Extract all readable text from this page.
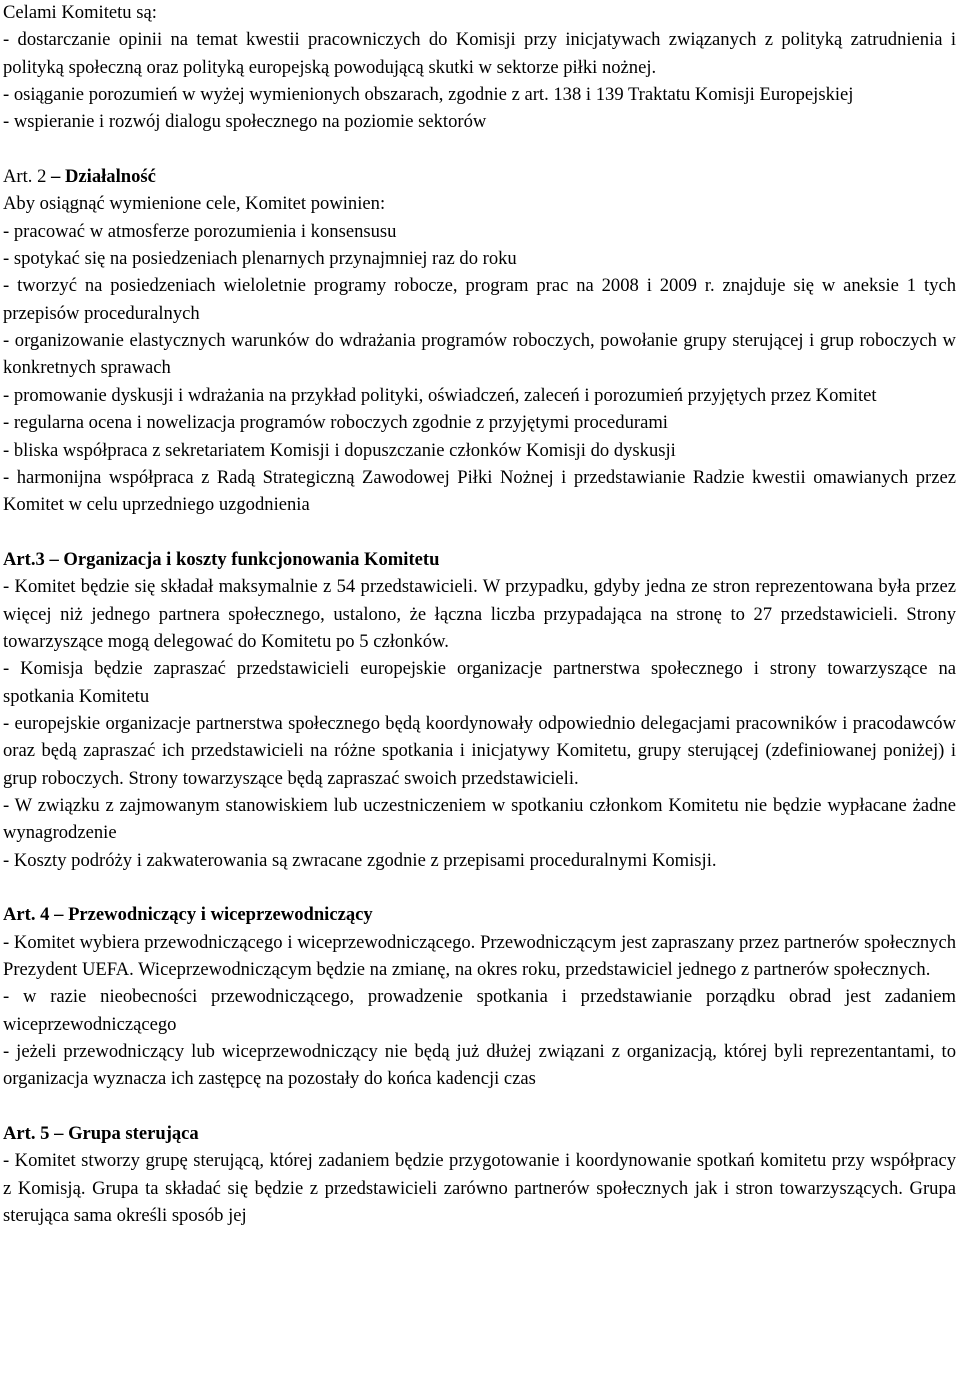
Celami Komitetu są:

- dostarczanie opinii na temat kwestii pracowniczych do Komisji przy inicjatywach związanych z polityką zatrudnienia i polityką społeczną oraz polityką europejską powodującą skutki w sektorze piłki nożnej.

- osiąganie porozumień w wyżej wymienionych obszarach, zgodnie z art. 138 i 139 Traktatu Komisji Europejskiej

- wspieranie i rozwój dialogu społecznego na poziomie sektorów

Art. 2 – Działalność

Aby osiągnąć wymienione cele, Komitet powinien:

- pracować w atmosferze porozumienia i konsensusu

- spotykać się na posiedzeniach plenarnych przynajmniej raz do roku

- tworzyć na posiedzeniach wieloletnie programy robocze, program prac na 2008 i 2009 r. znajduje się w aneksie 1 tych przepisów proceduralnych

- organizowanie elastycznych warunków do wdrażania programów roboczych, powołanie grupy sterującej i grup roboczych w konkretnych sprawach

- promowanie dyskusji i wdrażania na przykład polityki, oświadczeń, zaleceń i porozumień przyjętych przez Komitet

- regularna ocena i nowelizacja programów roboczych zgodnie z przyjętymi procedurami

- bliska współpraca z sekretariatem Komisji i dopuszczanie członków Komisji do dyskusji

- harmonijna współpraca z Radą Strategiczną Zawodowej Piłki Nożnej i przedstawianie Radzie kwestii omawianych przez Komitet w celu uprzedniego uzgodnienia

Art.3 – Organizacja i koszty funkcjonowania Komitetu

- Komitet będzie się składał maksymalnie z 54 przedstawicieli. W przypadku, gdyby jedna ze stron reprezentowana była przez więcej niż jednego partnera społecznego, ustalono, że łączna liczba przypadająca na stronę to 27 przedstawicieli. Strony towarzyszące mogą delegować do Komitetu po 5 członków.

- Komisja będzie zapraszać przedstawicieli europejskie organizacje partnerstwa społecznego i strony towarzyszące na spotkania Komitetu

- europejskie organizacje partnerstwa społecznego będą koordynowały odpowiednio delegacjami pracowników i pracodawców oraz będą zapraszać ich przedstawicieli na różne spotkania i inicjatywy Komitetu, grupy sterującej (zdefiniowanej poniżej) i grup roboczych. Strony towarzyszące będą zapraszać swoich przedstawicieli.

- W związku z zajmowanym stanowiskiem lub uczestniczeniem w spotkaniu członkom Komitetu nie będzie wypłacane żadne wynagrodzenie

- Koszty podróży i zakwaterowania są zwracane zgodnie z przepisami proceduralnymi Komisji.

Art. 4 – Przewodniczący i wiceprzewodniczący

- Komitet wybiera przewodniczącego i wiceprzewodniczącego. Przewodniczącym jest zapraszany przez partnerów społecznych Prezydent UEFA. Wiceprzewodniczącym będzie na zmianę, na okres roku, przedstawiciel jednego z partnerów społecznych.

- w razie nieobecności przewodniczącego, prowadzenie spotkania i przedstawianie porządku obrad jest zadaniem wiceprzewodniczącego

- jeżeli przewodniczący lub wiceprzewodniczący nie będą już dłużej związani z organizacją, której byli reprezentantami, to organizacja wyznacza ich zastępcę na pozostały do końca kadencji czas

Art. 5 – Grupa sterująca

- Komitet stworzy grupę sterującą, której zadaniem będzie przygotowanie i koordynowanie spotkań komitetu przy współpracy z Komisją. Grupa ta składać się będzie z przedstawicieli zarówno partnerów społecznych jak i stron towarzyszących. Grupa sterująca sama określi sposób jej
